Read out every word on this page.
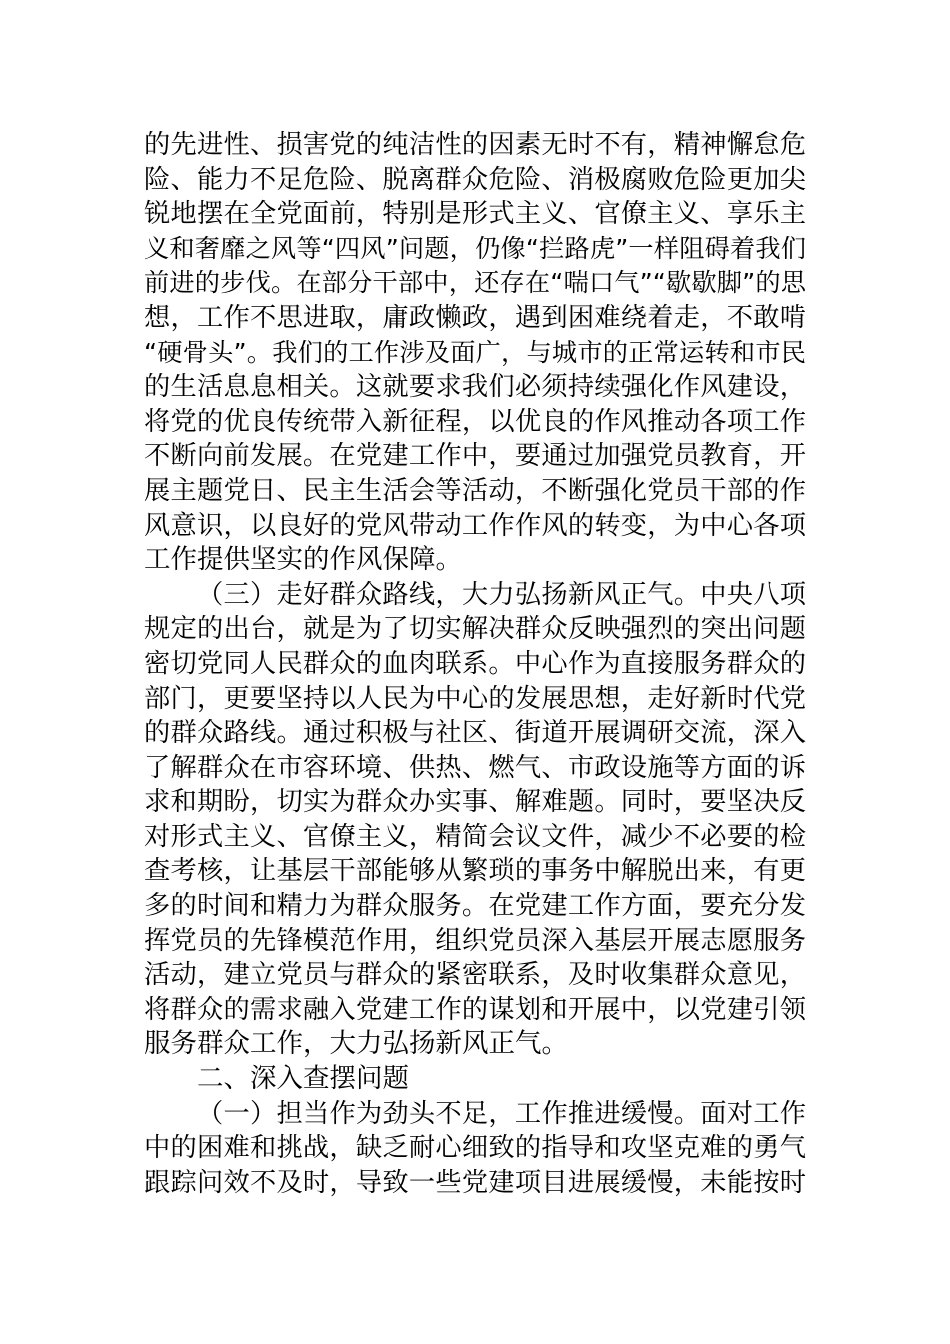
的先进性、损害党的纯洁性的因素无时不有，精神懈怠危
险、能力不足危险、脱离群众危险、消极腐败危险更加尖
锐地摆在全党面前，特别是形式主义、官僚主义、享乐主
义和奢靡之风等“四风”问题，仍像“拦路虎”一样阻碍着我们
前进的步伐。在部分干部中，还存在“喘口气”“歇歇脚”的思
想，工作不思进取，庸政懒政，遇到困难绕着走，不敢啃
“硬骨头”。我们的工作涉及面广，与城市的正常运转和市民
的生活息息相关。这就要求我们必须持续强化作风建设，
将党的优良传统带入新征程，以优良的作风推动各项工作
不断向前发展。在党建工作中，要通过加强党员教育，开
展主题党日、民主生活会等活动，不断强化党员干部的作
风意识，以良好的党风带动工作作风的转变，为中心各项
工作提供坚实的作风保障。
（三）走好群众路线，大力弘扬新风正气。中央八项
规定的出台，就是为了切实解决群众反映强烈的突出问题
密切党同人民群众的血肉联系。中心作为直接服务群众的
部门，更要坚持以人民为中心的发展思想，走好新时代党
的群众路线。通过积极与社区、街道开展调研交流，深入
了解群众在市容环境、供热、燃气、市政设施等方面的诉
求和期盼，切实为群众办实事、解难题。同时，要坚决反
对形式主义、官僚主义，精简会议文件，减少不必要的检
查考核，让基层干部能够从繁琐的事务中解脱出来，有更
多的时间和精力为群众服务。在党建工作方面，要充分发
挥党员的先锋模范作用，组织党员深入基层开展志愿服务
活动，建立党员与群众的紧密联系，及时收集群众意见，
将群众的需求融入党建工作的谋划和开展中，以党建引领
服务群众工作，大力弘扬新风正气。
二、深入查摆问题
（一）担当作为劲头不足，工作推进缓慢。面对工作
中的困难和挑战，缺乏耐心细致的指导和攻坚克难的勇气
跟踪问效不及时，导致一些党建项目进展缓慢，未能按时
